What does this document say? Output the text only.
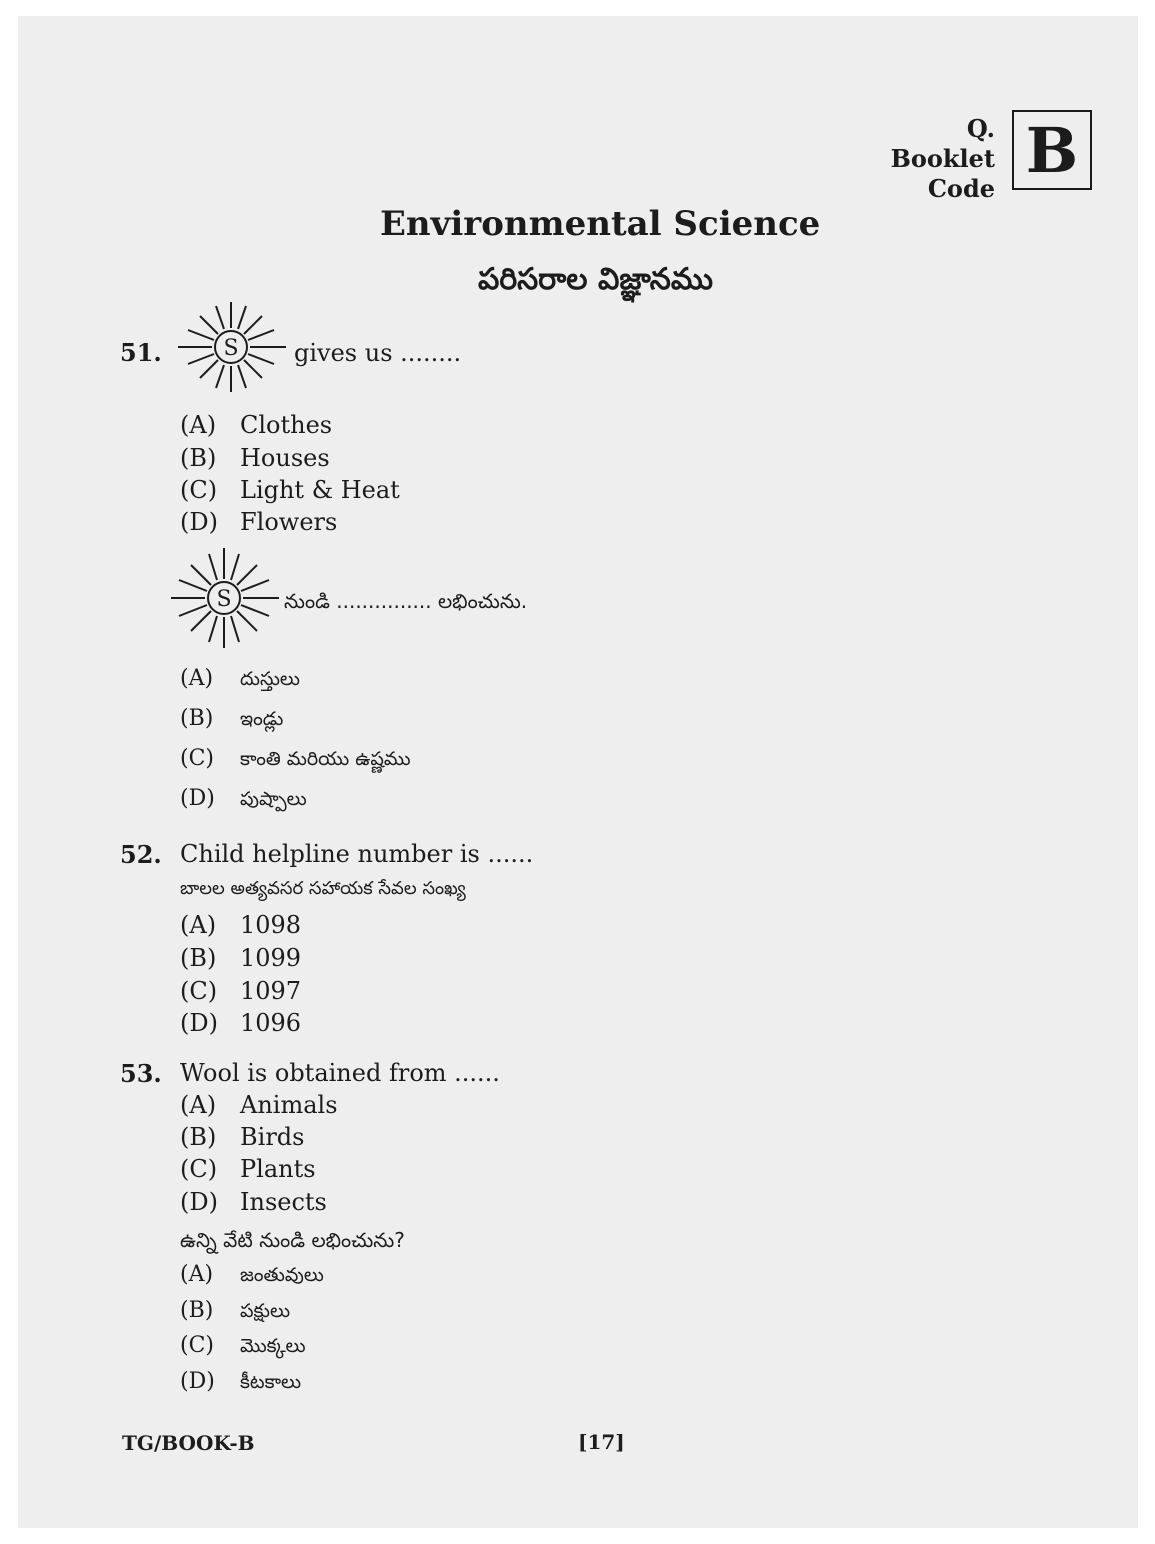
Q. Booklet
Code
B
Environmental Science
పరిసరాల విజ్ఞానము
51.	S gives us ........
(A) Clothes
(B) Houses
(C) Light & Heat
(D) Flowers
S	నుండి ............... లభించును.
(A) దుస్తులు
(B) ఇండ్లు
(C) కాంతి మరియు ఉష్ణము
(D) పుష్పాలు
52. Child helpline number is ......
బాలల అత్యవసర సహాయక సేవల సంఖ్య
(A) 1098
(B) 1099
(C) 1097
(D) 1096
53. Wool is obtained from ......
(A) Animals
(B) Birds
(C) Plants
(D) Insects
ఉన్ని వేటి నుండి లభించును?
(A) జంతువులు
(B) పక్షులు
(C) మొక్కలు
(D) కీటకాలు
TG/BOOK-B	[17]
